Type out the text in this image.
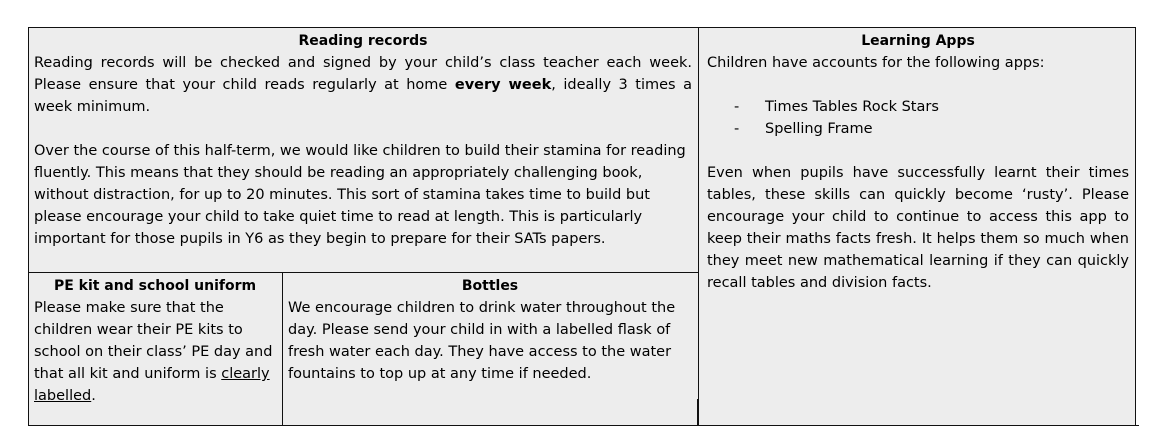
Reading records

Reading records will be checked and signed by your child’s class teacher each week. Please ensure that your child reads regularly at home every week, ideally 3 times a week minimum.

Over the course of this half-term, we would like children to build their stamina for reading fluently. This means that they should be reading an appropriately challenging book, without distraction, for up to 20 minutes. This sort of stamina takes time to build but please encourage your child to take quiet time to read at length. This is particularly important for those pupils in Y6 as they begin to prepare for their SATs papers.

Learning Apps

Children have accounts for the following apps:

- Times Tables Rock Stars
- Spelling Frame

Even when pupils have successfully learnt their times tables, these skills can quickly become ‘rusty’. Please encourage your child to continue to access this app to keep their maths facts fresh. It helps them so much when they meet new mathematical learning if they can quickly recall tables and division facts.

PE kit and school uniform

Please make sure that the children wear their PE kits to school on their class’ PE day and that all kit and uniform is clearly labelled.

Bottles

We encourage children to drink water throughout the day. Please send your child in with a labelled flask of fresh water each day. They have access to the water fountains to top up at any time if needed.
